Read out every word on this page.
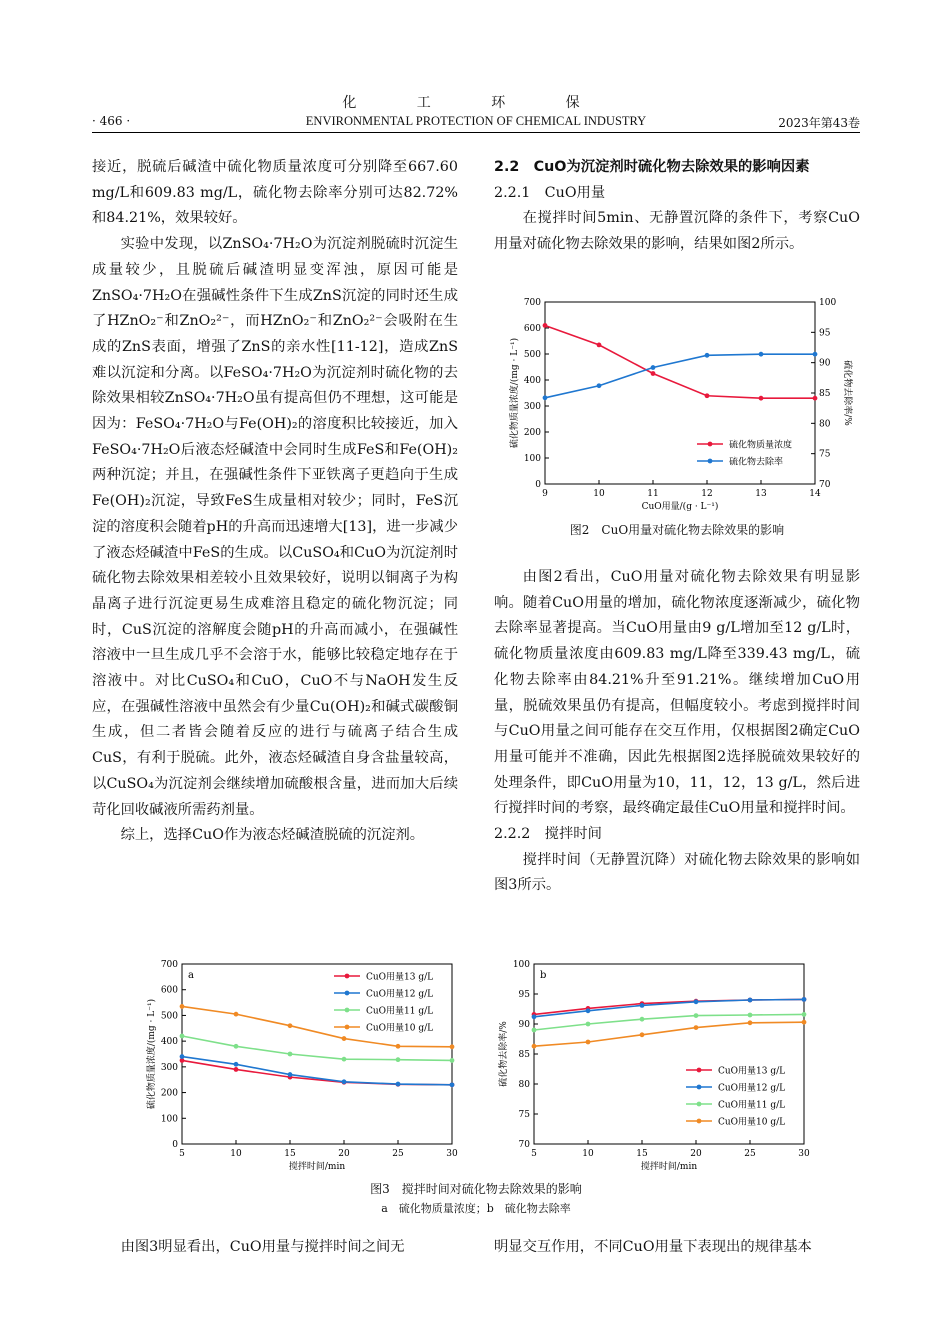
化 工 环 保
· 466 ·	ENVIRONMENTAL PROTECTION OF CHEMICAL INDUSTRY	2023年第43卷

接近，脱硫后碱渣中硫化物质量浓度可分别降至667.60 mg/L和609.83 mg/L，硫化物去除率分别可达82.72%和84.21%，效果较好。

实验中发现，以ZnSO₄·7H₂O为沉淀剂脱硫时沉淀生成量较少，且脱硫后碱渣明显变浑浊，原因可能是ZnSO₄·7H₂O在强碱性条件下生成ZnS沉淀的同时还生成了HZnO₂⁻和ZnO₂²⁻，而HZnO₂⁻和ZnO₂²⁻会吸附在生成的ZnS表面，增强了ZnS的亲水性[11-12]，造成ZnS难以沉淀和分离。以FeSO₄·7H₂O为沉淀剂时硫化物的去除效果相较ZnSO₄·7H₂O虽有提高但仍不理想，这可能是因为：FeSO₄·7H₂O与Fe(OH)₂的溶度积比较接近，加入FeSO₄·7H₂O后液态烃碱渣中会同时生成FeS和Fe(OH)₂两种沉淀；并且，在强碱性条件下亚铁离子更趋向于生成Fe(OH)₂沉淀，导致FeS生成量相对较少；同时，FeS沉淀的溶度积会随着pH的升高而迅速增大[13]，进一步减少了液态烃碱渣中FeS的生成。以CuSO₄和CuO为沉淀剂时硫化物去除效果相差较小且效果较好，说明以铜离子为构晶离子进行沉淀更易生成难溶且稳定的硫化物沉淀；同时，CuS沉淀的溶解度会随pH的升高而减小，在强碱性溶液中一旦生成几乎不会溶于水，能够比较稳定地存在于溶液中。对比CuSO₄和CuO，CuO不与NaOH发生反应，在强碱性溶液中虽然会有少量Cu(OH)₂和碱式碳酸铜生成，但二者皆会随着反应的进行与硫离子结合生成CuS，有利于脱硫。此外，液态烃碱渣自身含盐量较高，以CuSO₄为沉淀剂会继续增加硫酸根含量，进而加大后续苛化回收碱液所需药剂量。

综上，选择CuO作为液态烃碱渣脱硫的沉淀剂。

2.2　CuO为沉淀剂时硫化物去除效果的影响因素

2.2.1　CuO用量

在搅拌时间5min、无静置沉降的条件下，考察CuO用量对硫化物去除效果的影响，结果如图2所示。

9	10	11	12	13	14
0
100
200
300
400
500
600
700
70
75
80
85
90
95
100
硫化物去除率/%
CuO用量/(g · L⁻¹)
硫化物质量浓度/(mg · L⁻¹)	硫化物质量浓度
硫化物去除率
图2　CuO用量对硫化物去除效果的影响

由图2看出，CuO用量对硫化物去除效果有明显影响。随着CuO用量的增加，硫化物浓度逐渐减少，硫化物去除率显著提高。当CuO用量由9 g/L增加至12 g/L时，硫化物质量浓度由609.83 mg/L降至339.43 mg/L，硫化物去除率由84.21%升至91.21%。继续增加CuO用量，脱硫效果虽仍有提高，但幅度较小。考虑到搅拌时间与CuO用量之间可能存在交互作用，仅根据图2确定CuO用量可能并不准确，因此先根据图2选择脱硫效果较好的处理条件，即CuO用量为10，11，12，13 g/L，然后进行搅拌时间的考察，最终确定最佳CuO用量和搅拌时间。

2.2.2　搅拌时间

搅拌时间（无静置沉降）对硫化物去除效果的影响如图3所示。

5	10	15	20	25	30
0
100
200
300
400
500
600
700
搅拌时间/min
硫化物质量浓度/(mg · L⁻¹)
a	CuO用量13 g/L
CuO用量12 g/L
CuO用量11 g/L
CuO用量10 g/L
5	10	15	20	25	30
70
75
80
85
90
95
100
搅拌时间/min
硫化物去除率/%
b
CuO用量13 g/L
CuO用量12 g/L
CuO用量11 g/L
CuO用量10 g/L
图3　搅拌时间对硫化物去除效果的影响
a　硫化物质量浓度；b　硫化物去除率

由图3明显看出，CuO用量与搅拌时间之间无	明显交互作用，不同CuO用量下表现出的规律基本
